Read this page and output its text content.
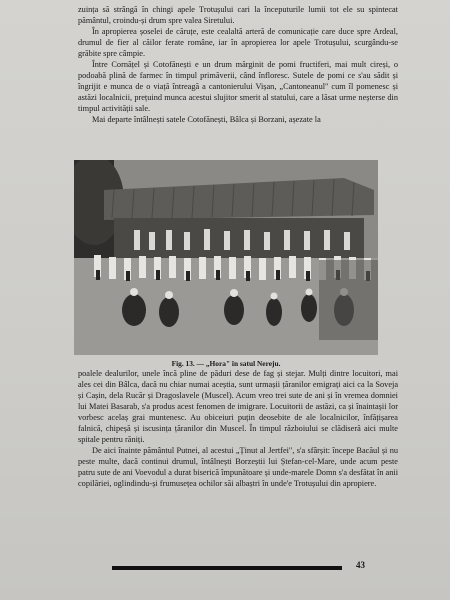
zuința să strângă în chingi apele Trotușului cari la începuturile lumii tot ele su spintecat pământul, croindu-și drum spre valea Siretului.

În apropierea șoselei de căruțe, este cealaltă arteră de comunicație care duce spre Ardeal, drumul de fier al căilor ferate române, iar în apropierea lor apele Trotușului, scurgându-se grăbite spre câmpie.

Între Cornățel și Cotofănești e un drum mărginit de pomi fructiferi, mai mult cireși, o podoabă plină de farmec în timpul primăverii, când înfloresc. Sutele de pomi ce s'au sădit și îngrijit e munca de o viață întreagă a cantonierului Vișan, „Cantoneanul" cum îl pomenesc și astăzi localnicii, prețuind munca acestui slujitor smerit al statului, care a lăsat urme neșterse din timpul activității sale.

Mai departe întâlnești satele Cotofănești, Bâlca și Borzani, așezate la

Fig. 13. — „Hora" în satul Nereju.

poalele dealurilor, unele încă pline de păduri dese de fag și stejar. Mulți dintre locuitori, mai ales cei din Bâlca, dacă nu chiar numai aceștia, sunt urmașii țăranilor emigrați aici ca la Soveja și Cașin, dela Rucăr și Dragoslavele (Muscel). Acum vreo trei sute de ani și în vremea domniei lui Matei Basarab, s'a produs acest fenomen de imigrare. Locuitorii de astăzi, ca și înaintașii lor vorbesc acelaș grai muntenesc. Au obiceiuri puțin deosebite de ale localnicilor, înfățișarea falnică, chipeșă și iscusința țăranilor din Muscel. În timpul războiului se clădiseră aici multe spitale pentru răniți.

De aici înainte pământul Putnei, al acestui „Ținut al Jertfei", s'a sfârșit: începe Bacăul și nu peste multe, dacă continui drumul, întâlnești Borzeștii lui Ștefan-cel-Mare, unde acum peste patru sute de ani Voevodul a durat biserică împunătoare și unde-marele Domn s'a desfătat în anii copilăriei, oglindindu-și frumusețea ochilor săi albaștri în unde'e Trotușului din apropiere.

43
